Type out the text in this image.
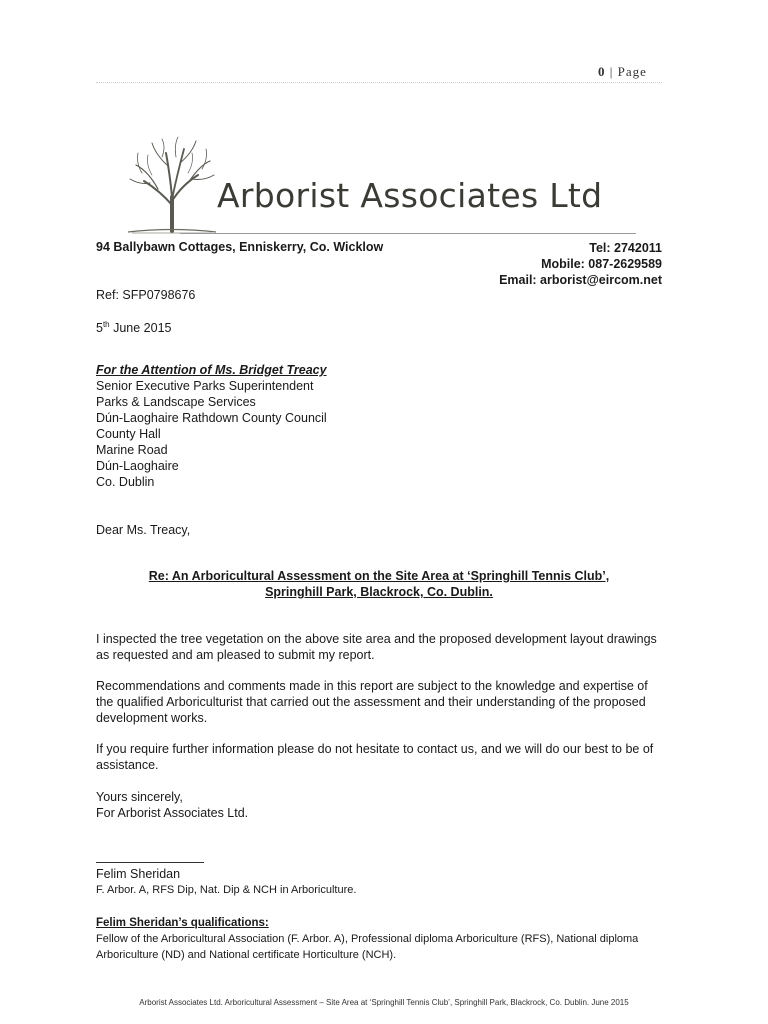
0 | Page
Arborist Associates Ltd
94 Ballybawn Cottages, Enniskerry, Co. Wicklow	Tel: 2742011
Mobile: 087-2629589
Email: arborist@eircom.net
Ref: SFP0798676
5th June 2015
For the Attention of Ms. Bridget Treacy
Senior Executive Parks Superintendent
Parks & Landscape Services
Dún-Laoghaire Rathdown County Council
County Hall
Marine Road
Dún-Laoghaire
Co. Dublin
Dear Ms. Treacy,
Re: An Arboricultural Assessment on the Site Area at ‘Springhill Tennis Club’,
Springhill Park, Blackrock, Co. Dublin.
I inspected the tree vegetation on the above site area and the proposed development layout drawings as requested and am pleased to submit my report.
Recommendations and comments made in this report are subject to the knowledge and expertise of the qualified Arboriculturist that carried out the assessment and their understanding of the proposed development works.
If you require further information please do not hesitate to contact us, and we will do our best to be of assistance.
Yours sincerely,
For Arborist Associates Ltd.
Felim Sheridan
F. Arbor. A, RFS Dip, Nat. Dip & NCH in Arboriculture.
Felim Sheridan’s qualifications:
Fellow of the Arboricultural Association (F. Arbor. A), Professional diploma Arboriculture (RFS), National diploma Arboriculture (ND) and National certificate Horticulture (NCH).
Arborist Associates Ltd. Arboricultural Assessment – Site Area at ‘Springhill Tennis Club’, Springhill Park, Blackrock, Co. Dublin. June 2015
